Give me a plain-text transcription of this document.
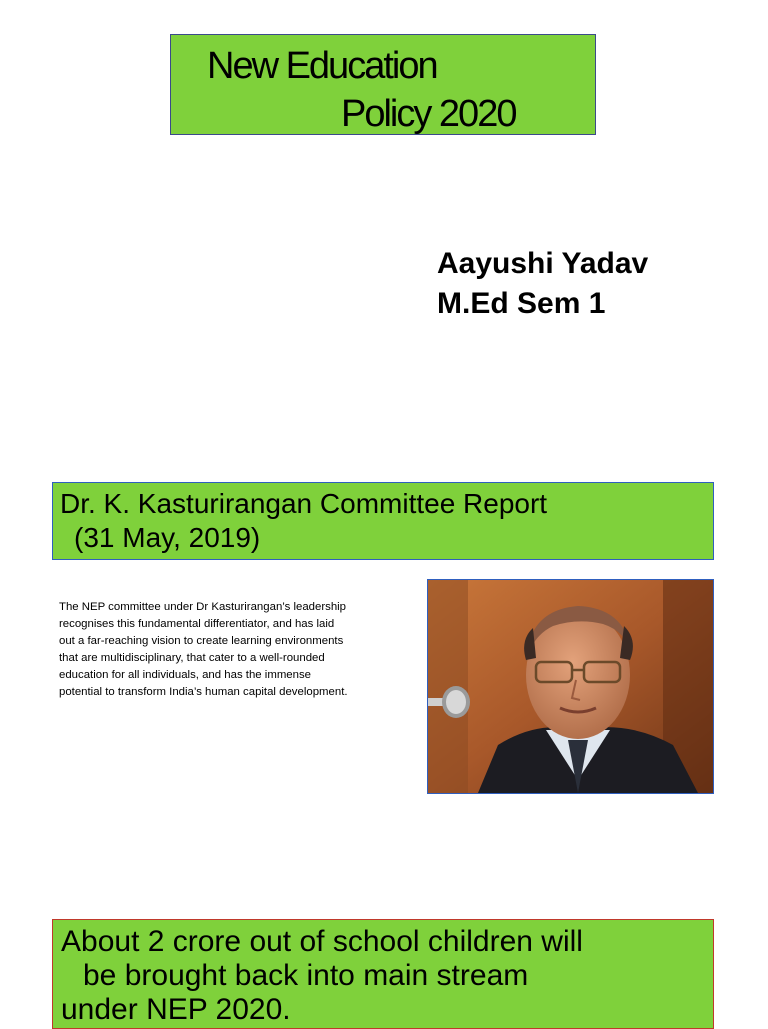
New Education
Policy 2020
Aayushi Yadav
M.Ed Sem 1
Dr. K. Kasturirangan Committee Report
(31 May, 2019)
The NEP committee under Dr Kasturirangan’s leadership
recognises this fundamental differentiator, and has laid
out a far-reaching vision to create learning environments
that are multidisciplinary, that cater to a well-rounded
education for all individuals, and has the immense
potential to transform India’s human capital development.
About 2 crore out of school children will
be brought back into main stream
under NEP 2020.
